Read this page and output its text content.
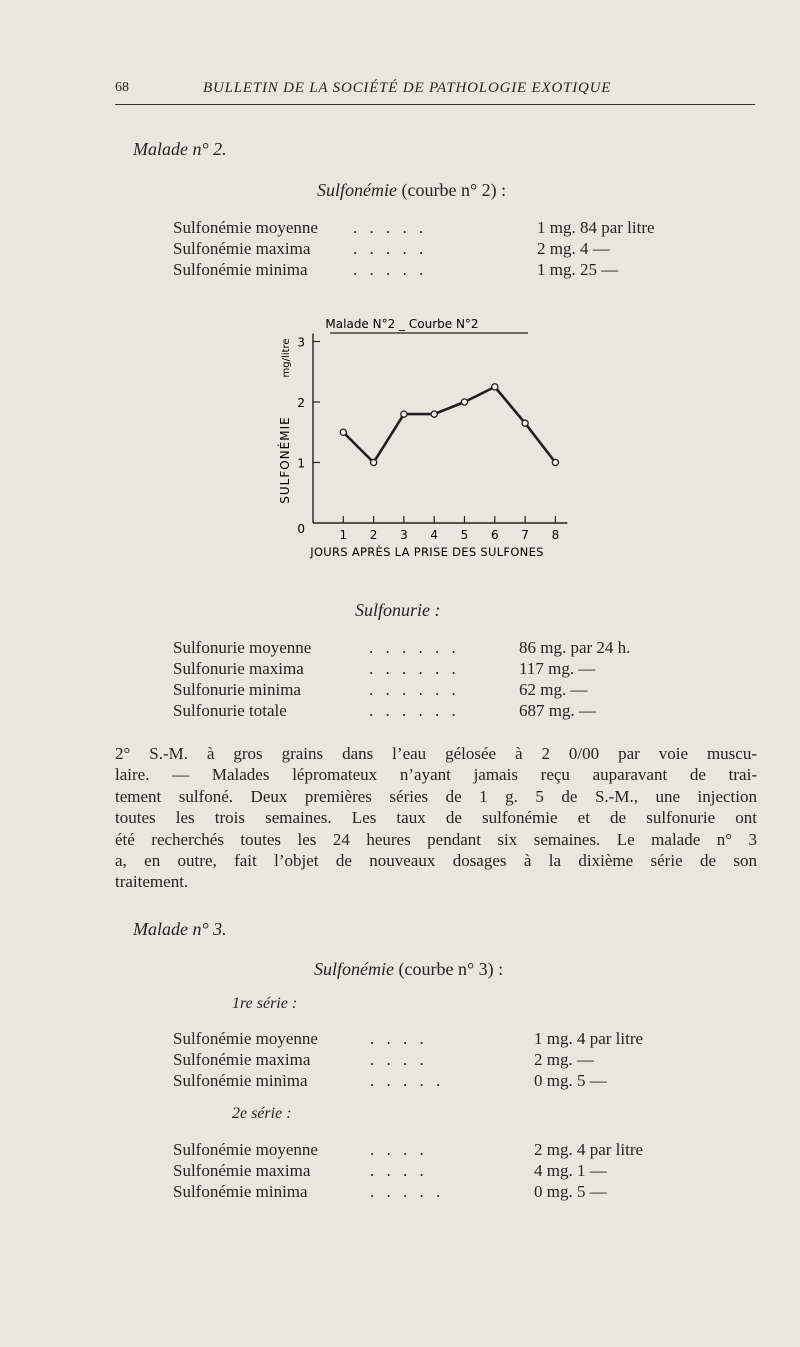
68	BULLETIN DE LA SOCIÉTÉ DE PATHOLOGIE EXOTIQUE
Malade n° 2.
Sulfonémie (courbe n° 2) :
Sulfonémie moyenne . . . . .	1 mg. 84 par litre
Sulfonémie maxima	. . . . .	2 mg. 4 —
Sulfonémie minima	. . . . .	1 mg. 25 —
Malade N°2 _ Courbe N°2
SULFONÉMIE
mg/litre
0
1
2
3
1 2 3 4 5 6 7 8
JOURS APRÈS LA PRISE DES SULFONES
Sulfonurie :
Sulfonurie moyenne	. . . . . .	86 mg. par 24 h.
Sulfonurie maxima	. . . . . .	117 mg. —
Sulfonurie minima	. . . . . .	62 mg. —
Sulfonurie totale	. . . . . .	687 mg. —
2° S.-M. à gros grains dans l’eau gélosée à 2 0/00 par voie muscu-
laire. — Malades lépromateux n’ayant jamais reçu auparavant de trai-
tement sulfoné. Deux premières séries de 1 g. 5 de S.-M., une injection
toutes les trois semaines. Les taux de sulfonémie et de sulfonurie ont
été recherchés toutes les 24 heures pendant six semaines. Le malade n° 3
a, en outre, fait l’objet de nouveaux dosages à la dixième série de son
traitement.
Malade n° 3.
Sulfonémie (courbe n° 3) :
1re série :
Sulfonémie moyenne	. . . .	1 mg. 4 par litre
Sulfonémie maxima	. . . .	2 mg. —
Sulfonémie minima	. . . . .	0 mg. 5 —
2e série :
Sulfonémie moyenne	. . . .	2 mg. 4 par litre
Sulfonémie maxima	. . . .	4 mg. 1 —
Sulfonémie minima	. . . . .	0 mg. 5 —
